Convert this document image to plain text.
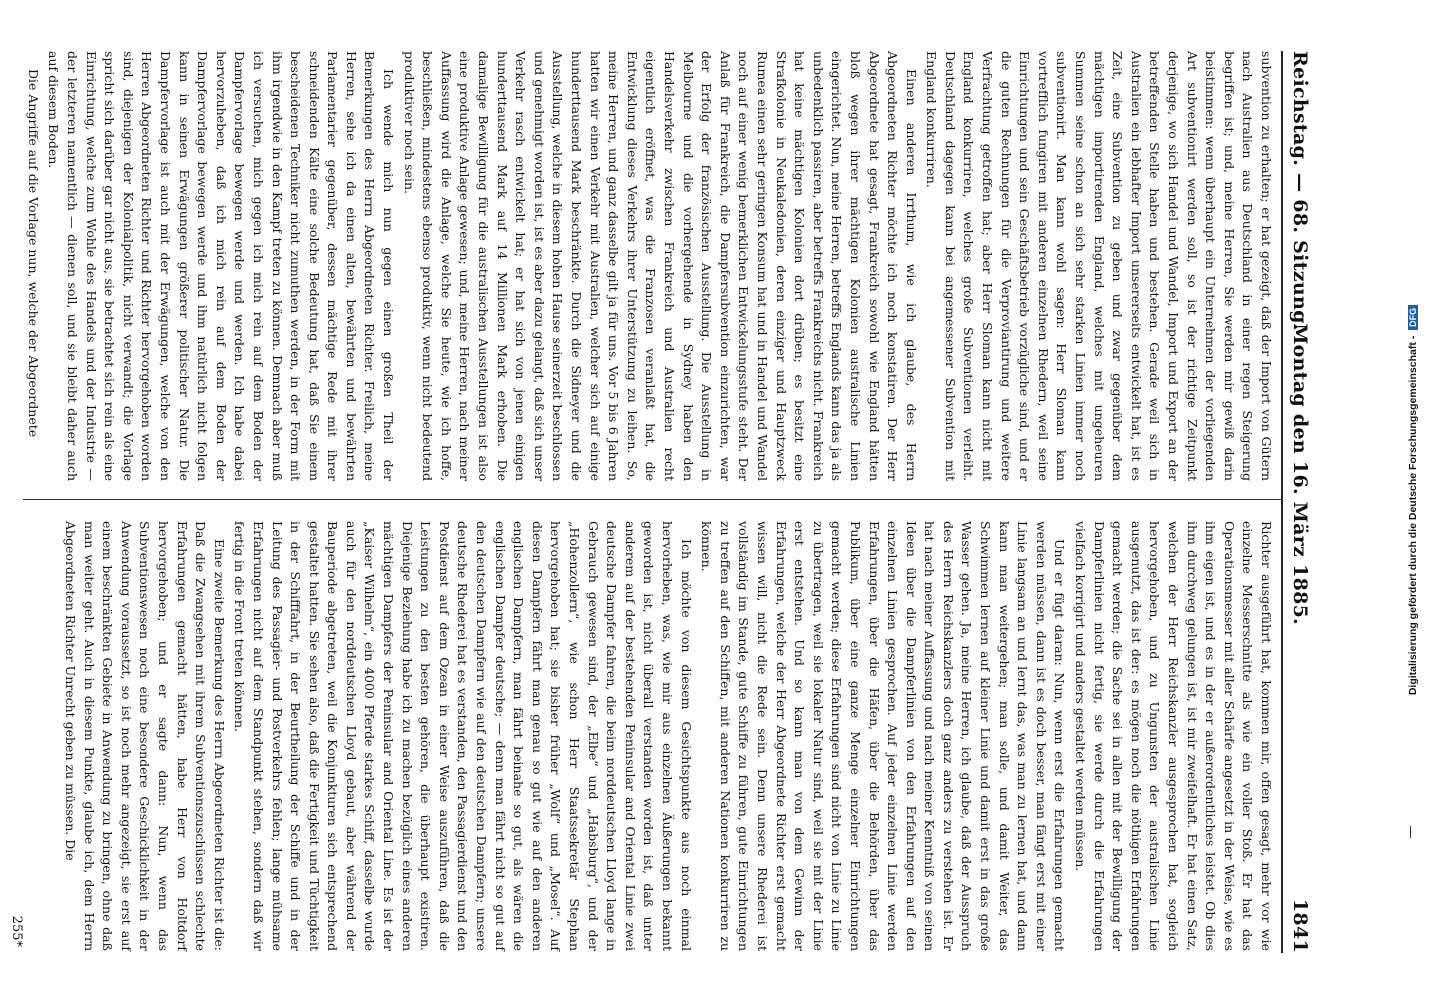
Reichstag. — 68. Sitzung.
Montag den 16. März 1885.  1841

subvention zu erhalten; er hat gezeigt, daß der Import von Gütern nach Australien aus Deutschland in einer regen Steigerung begriffen ist; und, meine Herren, Sie werden mir gewiß darin beistimmen: wenn überhaupt ein Unternehmen der vorliegenden Art subventionirt werden soll, so ist der richtige Zeitpunkt derjenige, wo sich Handel und Wandel, Import und Export an der betreffenden Stelle haben und bestehen. Gerade weil sich in Australien ein lebhafter Import unsererseits entwickelt hat, ist es Zeit, eine Subvention zu geben und zwar gegenüber dem mächtigen importirenden England, welches mit ungeheuren Summen seine schon an sich sehr starken Linien immer noch subventionirt. Man kann wohl sagen: Herr Sloman kann vortrefflich fungiren mit anderen einzelnen Rhedern, weil seine Einrichtungen und sein Geschäftsbetrieb vorzügliche sind, und er die guten Rechnungen für die Verproviantirung und weitere Verfrachtung getroffen hat; aber Herr Sloman kann nicht mit England konkurriren, welches große Subventionen verleiht. Deutschland dagegen kann bei angemessener Subvention mit England konkurriren.

Einen anderen Irrthum, wie ich glaube, des Herrn Abgeordneten Richter möchte ich noch konstatiren. Der Herr Abgeordnete hat gesagt, Frankreich sowohl wie England hätten bloß wegen ihrer mächtigen Kolonien australische Linien eingerichtet. Nun, meine Herren, betreffs Englands kann das ja als unbedenklich passiren, aber betreffs Frankreichs nicht. Frankreich hat keine mächtigen Kolonien dort drüben; es besitzt eine Strafkolonie in Neukaledonien, deren einziger und Hauptzweck Rumea einen sehr geringen Konsum hat und in Handel und Wandel noch auf einer wenig bemerklichen Entwickelungsstufe steht. Der Anlaß für Frankreich, die Dampfersubvention einzurichten, war der Erfolg der französischen Ausstellung. Die Ausstellung in Melbourne und die vorhergehende in Sydney haben den Handelsverkehr zwischen Frankreich und Australien recht eigentlich eröffnet, was die Franzosen veranlaßt hat, die Entwicklung dieses Verkehrs ihrer Unterstützung zu leihen. So, meine Herren, und ganz dasselbe gilt ja für uns. Vor 5 bis 6 Jahren hatten wir einen Verkehr mit Australien, welcher sich auf einige hunderttausend Mark beschränkte. Durch die Sidneyer und die Ausstellung, welche in diesem hohen Hause seinerzeit beschlossen und genehmigt worden ist, ist es aber dazu gelangt, daß sich unser Verkehr rasch entwickelt hat; er hat sich von jenen einigen hunderttausend Mark auf 14 Millionen Mark erhoben. Die damalige Bewilligung für die australischen Ausstellungen ist also eine produktive Anlage gewesen; und, meine Herren, nach meiner Auffassung wird die Anlage, welche Sie heute, wie ich hoffe, beschließen, mindestens ebenso produktiv, wenn nicht bedeutend produktiver noch sein.

Ich wende mich nun gegen einen großen Theil der Bemerkungen des Herrn Abgeordneten Richter. Freilich, meine Herren, sehe ich da einen alten, bewährten und bewährten Parlamentarier gegenüber, dessen mächtige Rede mit ihrer schneidenden Kälte eine solche Bedeutung hat, daß Sie einem bescheidenen Techniker nicht zumuthen werden, in der Form mit ihm irgendwie in den Kampf treten zu können. Demnach aber muß ich versuchen, mich gegen ich mich rein auf dem Boden der Dampfervorlage bewegen werde und werden. Ich habe dabei hervorzuheben, daß ich mich rein auf dem Boden der Dampfervorlage bewegen werde und ihm natürlich nicht folgen kann in seinen Erwägungen größerer politischer Natur. Die Dampfervorlage ist auch mit der Erwägungen, welche von den Herren Abgeordneten Richter und Richter hervorgehoben worden sind, diejenigen der Kolonialpolitik, nicht verwandt; die Vorlage spricht sich darüber gar nicht aus, sie betrachtet sich rein als eine Einrichtung, welche zum Wohle des Handels und der Industrie — der letzteren namentlich — dienen soll, und sie bleibt daher auch auf diesem Boden.

Die Angriffe auf die Vorlage nun, welche der Abgeordnete

Richter ausgeführt hat, kommen mir, offen gesagt, mehr vor wie einzelne Messerschnitte als wie ein voller Stoß. Er hat das Operationsmesser mit aller Schärfe angesetzt in der Weise, wie es ihm eigen ist, und es in der er außerordentliches leistet. Ob dies ihm durchweg gelungen ist, ist mir zweifelhaft. Er hat einen Satz, welchen der Herr Reichskanzler ausgesprochen hat, sogleich hervorgehoben, und zu Ungunsten der australischen Linie ausgenutzt, das ist der: es mögen noch die nöthigen Erfahrungen gemacht werden; die Sache sei in allen mit der Bewilligung der Dampferlinien nicht fertig, sie werde durch die Erfahrungen vielfach korrigirt und anders gestaltet werden müssen.

Und er fügt daran: Nun, wenn erst die Erfahrungen gemacht werden müssen, dann ist es doch besser, man fängt erst mit einer Linie langsam an und lernt das, was man zu lernen hat, und dann kann man weitergehen; man solle, und damit Weiter, das Schwimmen lernen auf kleiner Linie und damit erst in das große Wasser gehen. Ja, meine Herren, ich glaube, daß der Ausspruch des Herrn Reichskanzlers doch ganz anders zu verstehen ist. Er hat nach meiner Auffassung und nach meiner Kenntniß von seinen Ideen über die Dampferlinien von den Erfahrungen auf den einzelnen Linien gesprochen. Auf jeder einzelnen Linie werden Erfahrungen, über die Häfen, über die Behörden, über das Publikum, über eine ganze Menge einzelner Einrichtungen gemacht werden; diese Erfahrungen sind nicht von Linie zu Linie zu übertragen, weil sie lokaler Natur sind, weil sie mit der Linie erst entstehen. Und so kann man von dem Gewinn der Erfahrungen, welche der Herr Abgeordnete Richter erst gemacht wissen will, nicht die Rede sein. Denn unsere Rhederei ist vollständig im Stande, gute Schiffe zu führen, gute Einrichtungen zu treffen auf den Schiffen, mit anderen Nationen konkurriren zu können.

Ich möchte von diesem Gesichtspunkte aus noch einmal hervorheben, was, wie mir aus einzelnen Äußerungen bekannt geworden ist, nicht überall verstanden worden ist, daß unter anderem auf der bestehenden Peninsular and Oriental Linie zwei deutsche Dampfer fahren, die beim norddeutschen Lloyd lange in Gebrauch gewesen sind, der „Elbe“ und „Habsburg“, und der „Hohenzollern“, wie schon Herr Staatssekretär Stephan hervorgehoben hat; sie bisher früher „Wolf“ und „Mosel“. Auf diesen Dampfern fährt man genau so gut wie auf den anderen englischen Dampfern, man fährt beinahe so gut, als wären die englischen Dampfer deutsche; — denn man fährt nicht so gut auf den deutschen Dampfern wie auf den deutschen Dampfern; unsere deutsche Rhederei hat es verstanden, den Passagierdienst und den Postdienst auf dem Ozean in einer Weise auszuführen, daß die Leistungen zu den besten gehören, die überhaupt existiren. Diejenige Beziehung habe ich zu machen bezüglich eines anderen mächtigen Dampfers der Peninsular and Oriental Line. Es ist der „Kaiser Wilhelm“, ein 4000 Pferde starkes Schiff, dasselbe wurde auch für den norddeutschen Lloyd gebaut, aber während der Bauperiode abgetreten, weil die Konjunkturen sich entsprechend gestaltet hatten. Sie sehen also, daß die Fertigkeit und Tüchtigkeit in der Schifffahrt, in der Beurtheilung der Schiffe und in der Leitung des Passagier- und Postverkehrs fehlen; lange mühsame Erfahrungen nicht auf dem Standpunkt stehen, sondern daß wir fertig in die Front treten können.

Eine zweite Bemerkung des Herrn Abgeordneten Richter ist die: Daß die Zwangsehen mit ihrem Subventionszuschüssen schlechte Erfahrungen gemacht hätten, habe Herr von Holtdorf hervorgehoben; und er sagte dann: Nun, wenn das Subventionswesen noch eine besondere Geschicklichkeit in der Anwendung voraussetzt, so ist noch mehr angezeigt, sie erst auf einem beschränkten Gebiete in Anwendung zu bringen, ohne daß man weiter geht. Auch in diesem Punkte, glaube ich, dem Herrn Abgeordneten Richter Unrecht geben zu müssen. Die

255*
Digitalisierung gefördert durch die Deutsche Forschungsgemeinschaft - DFG
